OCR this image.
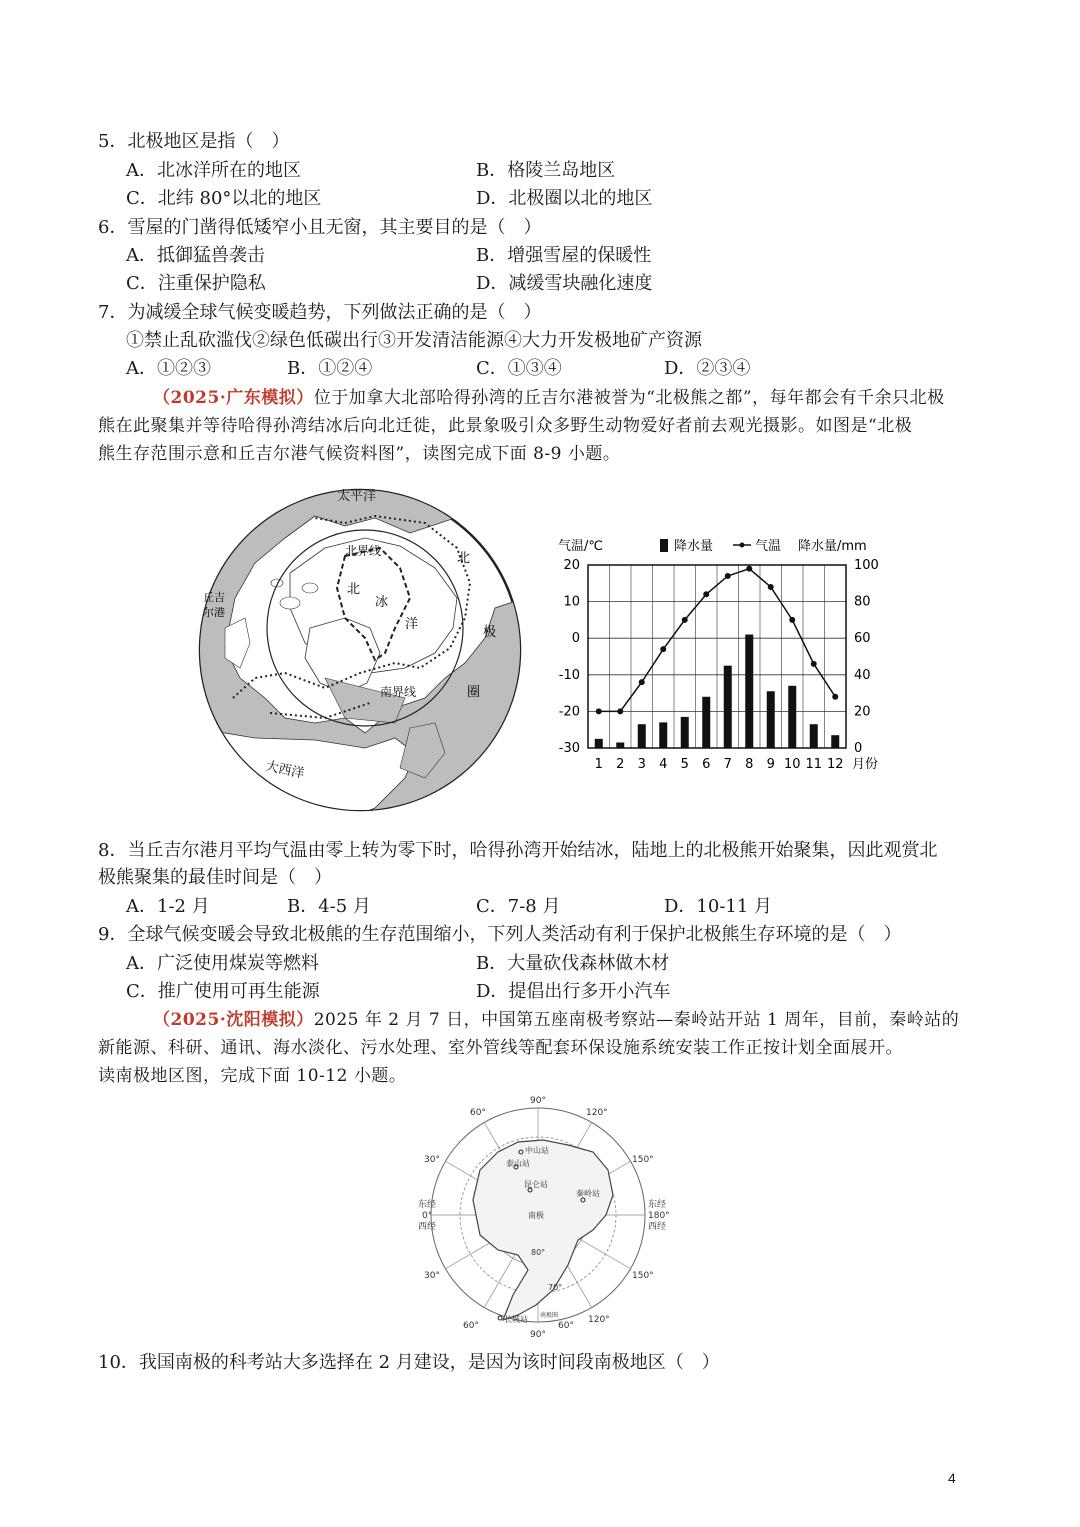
5．北极地区是指（　）
A．北冰洋所在的地区	B．格陵兰岛地区
C．北纬 80°以北的地区	D．北极圈以北的地区
6．雪屋的门凿得低矮窄小且无窗，其主要目的是（　）
A．抵御猛兽袭击	B．增强雪屋的保暖性
C．注重保护隐私	D．减缓雪块融化速度
7．为减缓全球气候变暖趋势，下列做法正确的是（　）
①禁止乱砍滥伐②绿色低碳出行③开发清洁能源④大力开发极地矿产资源
A．①②③	B．①②④	C．①③④	D．②③④
（2025·广东模拟）位于加拿大北部哈得孙湾的丘吉尔港被誉为“北极熊之都”，每年都会有千余只北极
熊在此聚集并等待哈得孙湾结冰后向北迁徙，此景象吸引众多野生动物爱好者前去观光摄影。如图是“北极
熊生存范围示意和丘吉尔港气候资料图”，读图完成下面 8-9 小题。
太平洋
北界线
南界线
大西洋
北
冰
洋
北
极
圈
丘吉
尔港
气温/℃	降水量	气温 降水量/mm
20
10
0
-10
-20
-30
100
80
60
40
20
0
1 2 3 4 5 6 7 8 9 10 11 12 月份
8．当丘吉尔港月平均气温由零上转为零下时，哈得孙湾开始结冰，陆地上的北极熊开始聚集，因此观赏北
极熊聚集的最佳时间是（　）
A．1-2 月	B．4-5 月	C．7-8 月	D．10-11 月
9．全球气候变暖会导致北极熊的生存范围缩小，下列人类活动有利于保护北极熊生存环境的是（　）
A．广泛使用煤炭等燃料	B．大量砍伐森林做木材
C．推广使用可再生能源	D．提倡出行多开小汽车
（2025·沈阳模拟）2025 年 2 月 7 日，中国第五座南极考察站—秦岭站开站 1 周年，目前，秦岭站的
新能源、科研、通讯、海水淡化、污水处理、室外管线等配套环保设施系统安装工作正按计划全面展开。
读南极地区图，完成下面 10-12 小题。
中山站
泰山站
昆仑站
秦岭站
南极
长城站 南极圈
80°
70°
90°
90°
60°	120°
30°	150°
30°	150°
60°	60°
120°
东经
0°
西经
东经
180°
西经
10．我国南极的科考站大多选择在 2 月建设，是因为该时间段南极地区（　）
4
